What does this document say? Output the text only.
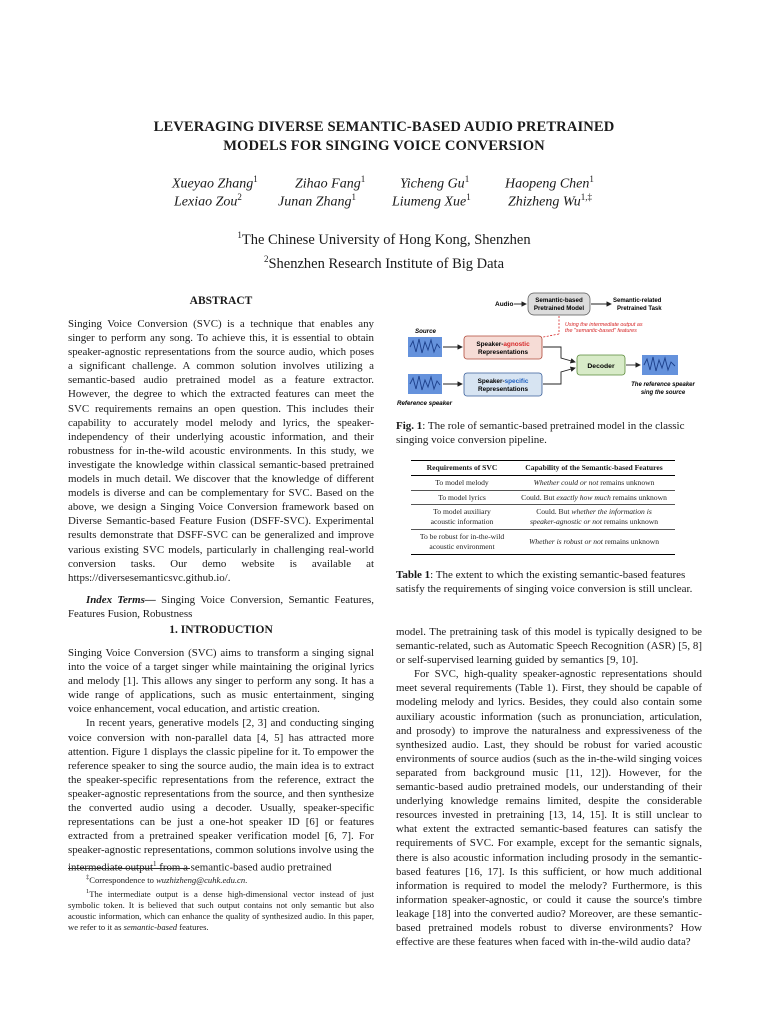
LEVERAGING DIVERSE SEMANTIC-BASED AUDIO PRETRAINED
MODELS FOR SINGING VOICE CONVERSION
Xueyao Zhang$^1$	Zihao Fang$^1$ Yicheng Gu$^1$	Haopeng Chen$^1$
Lexiao Zou$^2$	Junan Zhang$^1$	Liumeng Xue$^1$	Zhizheng $Wu^{1,\ddagger}$
$^1$The Chinese University of Hong Kong, Shenzhen
$^2$Shenzhen Research Institute of Big Data
ABSTRACT

Singing Voice Conversion (SVC) is a technique that enables any singer to perform any song. To achieve this, it is essential to obtain speaker-agnostic representations from the source audio, which poses a significant challenge. A common solution involves utilizing a semantic-based audio pretrained model as a feature extractor. However, the degree to which the extracted features can meet the SVC requirements remains an open question. This includes their capability to accurately model melody and lyrics, the speaker-independency of their underlying acoustic information, and their robustness for in-the-wild acoustic environments. In this study, we investigate the knowledge within classical semantic-based pretrained models in much detail. We discover that the knowledge of different models is diverse and can be complementary for SVC. Based on the above, we design a Singing Voice Conversion framework based on Diverse Semantic-based Feature Fusion (DSFF-SVC). Experimental results demonstrate that DSFF-SVC can be generalized and improve various existing SVC models, particularly in challenging real-world conversion tasks. Our demo website is available at https://diversesemanticsvc.github.io/.

Index Terms— Singing Voice Conversion, Semantic Features, Features Fusion, Robustness

Audio
Semantic-based
Pretrained Model
Semantic-related
Pretrained Task
Using the intermediate output as
the "semantic-based" features
Source
Speaker-agnostic
Representations
Speaker-specific
Representations
Reference speaker
Decoder
The reference speaker
sing the source
Fig. 1: The role of semantic-based pretrained model in the classic singing voice conversion pipeline.
Requirements of SVC	Capability of the Semantic-based Features
To model melody	Whether could or not remains unknown
To model lyrics	Could. But exactly how much remains unknown
To model auxiliary
acoustic information	Could. But whether the information is
speaker-agnostic or not remains unknown
To be robust for in-the-wild
acoustic environment	Whether is robust or not remains unknown
Table 1: The extent to which the existing semantic-based features satisfy the requirements of singing voice conversion is still unclear.
1. INTRODUCTION

Singing Voice Conversion (SVC) aims to transform a singing signal into the voice of a target singer while maintaining the original lyrics and melody [1]. This allows any singer to perform any song. It has a wide range of applications, such as music entertainment, singing voice enhancement, vocal education, and artistic creation.

In recent years, generative models [2, 3] and conducting singing voice conversion with non-parallel data [4, 5] has attracted more attention. Figure 1 displays the classic pipeline for it. To empower the reference speaker to sing the source audio, the main idea is to extract the speaker-specific representations from the reference, extract the speaker-agnostic representations from the source, and then synthesize the converted audio using a decoder. Usually, speaker-specific representations can be just a one-hot speaker ID [6] or features extracted from a pretrained speaker verification model [6, 7]. For speaker-agnostic representations, common solutions involve using the intermediate output$^1$ from a semantic-based audio pretrained

‡Correspondence to wuzhizheng@cuhk.edu.cn.
$^1$The intermediate output is a dense high-dimensional vector instead of just symbolic token. It is believed that such output contains not only semantic but also acoustic information, which can enhance the quality of synthesized audio. In this paper, we refer to it as semantic-based features.

model. The pretraining task of this model is typically designed to be semantic-related, such as Automatic Speech Recognition (ASR) [5, 8] or self-supervised learning guided by semantics [9, 10].

For SVC, high-quality speaker-agnostic representations should meet several requirements (Table 1). First, they should be capable of modeling melody and lyrics. Besides, they could also contain some auxiliary acoustic information (such as pronunciation, articulation, and prosody) to improve the naturalness and expressiveness of the synthesized audio. Last, they should be robust for varied acoustic environments of source audios (such as the in-the-wild singing voices separated from background music [11, 12]). However, for the semantic-based audio pretrained models, our understanding of their underlying knowledge remains limited, despite the considerable resources invested in pretraining [13, 14, 15]. It is still unclear to what extent the extracted semantic-based features can satisfy the requirements of SVC. For example, except for the semantic signals, there is also acoustic information including prosody in the semantic-based features [16, 17]. Is this sufficient, or how much additional information is required to model the melody? Furthermore, is this information speaker-agnostic, or could it cause the source's timbre leakage [18] into the converted audio? Moreover, are these semantic-based pretrained models robust to diverse environments? How effective are these features when faced with in-the-wild audio data?
